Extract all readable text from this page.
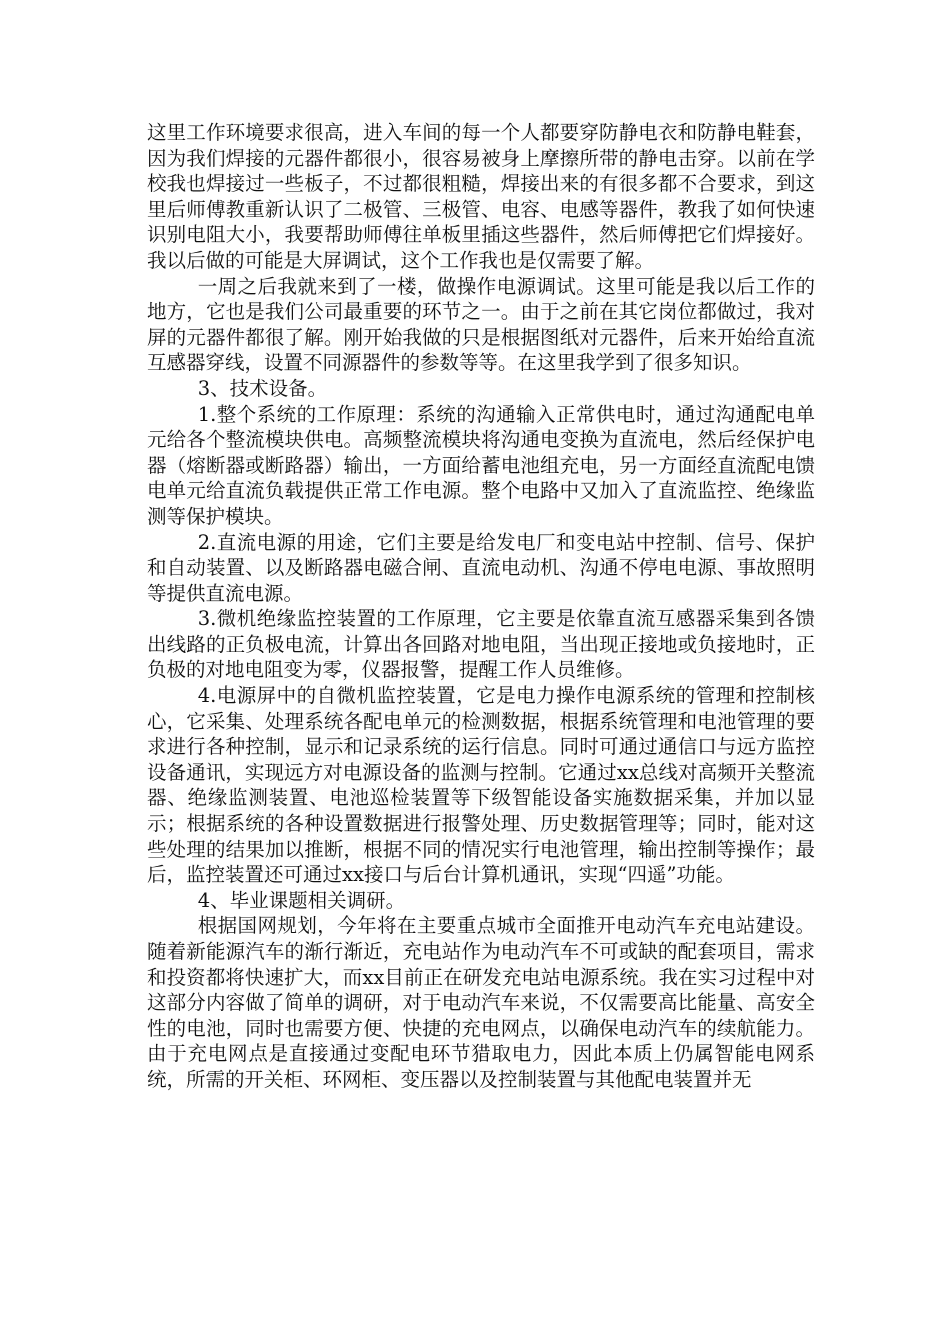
这里工作环境要求很高，进入车间的每一个人都要穿防静电衣和防静电鞋套，因为我们焊接的元器件都很小，很容易被身上摩擦所带的静电击穿。以前在学校我也焊接过一些板子，不过都很粗糙，焊接出来的有很多都不合要求，到这里后师傅教重新认识了二极管、三极管、电容、电感等器件，教我了如何快速识别电阻大小，我要帮助师傅往单板里插这些器件，然后师傅把它们焊接好。我以后做的可能是大屏调试，这个工作我也是仅需要了解。

一周之后我就来到了一楼，做操作电源调试。这里可能是我以后工作的地方，它也是我们公司最重要的环节之一。由于之前在其它岗位都做过，我对屏的元器件都很了解。刚开始我做的只是根据图纸对元器件，后来开始给直流互感器穿线，设置不同源器件的参数等等。在这里我学到了很多知识。

3、技术设备。

1.整个系统的工作原理：系统的沟通输入正常供电时，通过沟通配电单元给各个整流模块供电。高频整流模块将沟通电变换为直流电，然后经保护电器（熔断器或断路器）输出，一方面给蓄电池组充电，另一方面经直流配电馈电单元给直流负载提供正常工作电源。整个电路中又加入了直流监控、绝缘监测等保护模块。

2.直流电源的用途，它们主要是给发电厂和变电站中控制、信号、保护和自动装置、以及断路器电磁合闸、直流电动机、沟通不停电电源、事故照明等提供直流电源。

3.微机绝缘监控装置的工作原理，它主要是依靠直流互感器采集到各馈出线路的正负极电流，计算出各回路对地电阻，当出现正接地或负接地时，正负极的对地电阻变为零，仪器报警，提醒工作人员维修。

4.电源屏中的自微机监控装置，它是电力操作电源系统的管理和控制核心，它采集、处理系统各配电单元的检测数据，根据系统管理和电池管理的要求进行各种控制，显示和记录系统的运行信息。同时可通过通信口与远方监控设备通讯，实现远方对电源设备的监测与控制。它通过xx总线对高频开关整流器、绝缘监测装置、电池巡检装置等下级智能设备实施数据采集，并加以显示；根据系统的各种设置数据进行报警处理、历史数据管理等；同时，能对这些处理的结果加以推断，根据不同的情况实行电池管理，输出控制等操作；最后，监控装置还可通过xx接口与后台计算机通讯，实现“四遥”功能。

4、毕业课题相关调研。

根据国网规划，今年将在主要重点城市全面推开电动汽车充电站建设。随着新能源汽车的渐行渐近，充电站作为电动汽车不可或缺的配套项目，需求和投资都将快速扩大，而xx目前正在研发充电站电源系统。我在实习过程中对这部分内容做了简单的调研，对于电动汽车来说，不仅需要高比能量、高安全性的电池，同时也需要方便、快捷的充电网点，以确保电动汽车的续航能力。由于充电网点是直接通过变配电环节猎取电力，因此本质上仍属智能电网系统，所需的开关柜、环网柜、变压器以及控制装置与其他配电装置并无
